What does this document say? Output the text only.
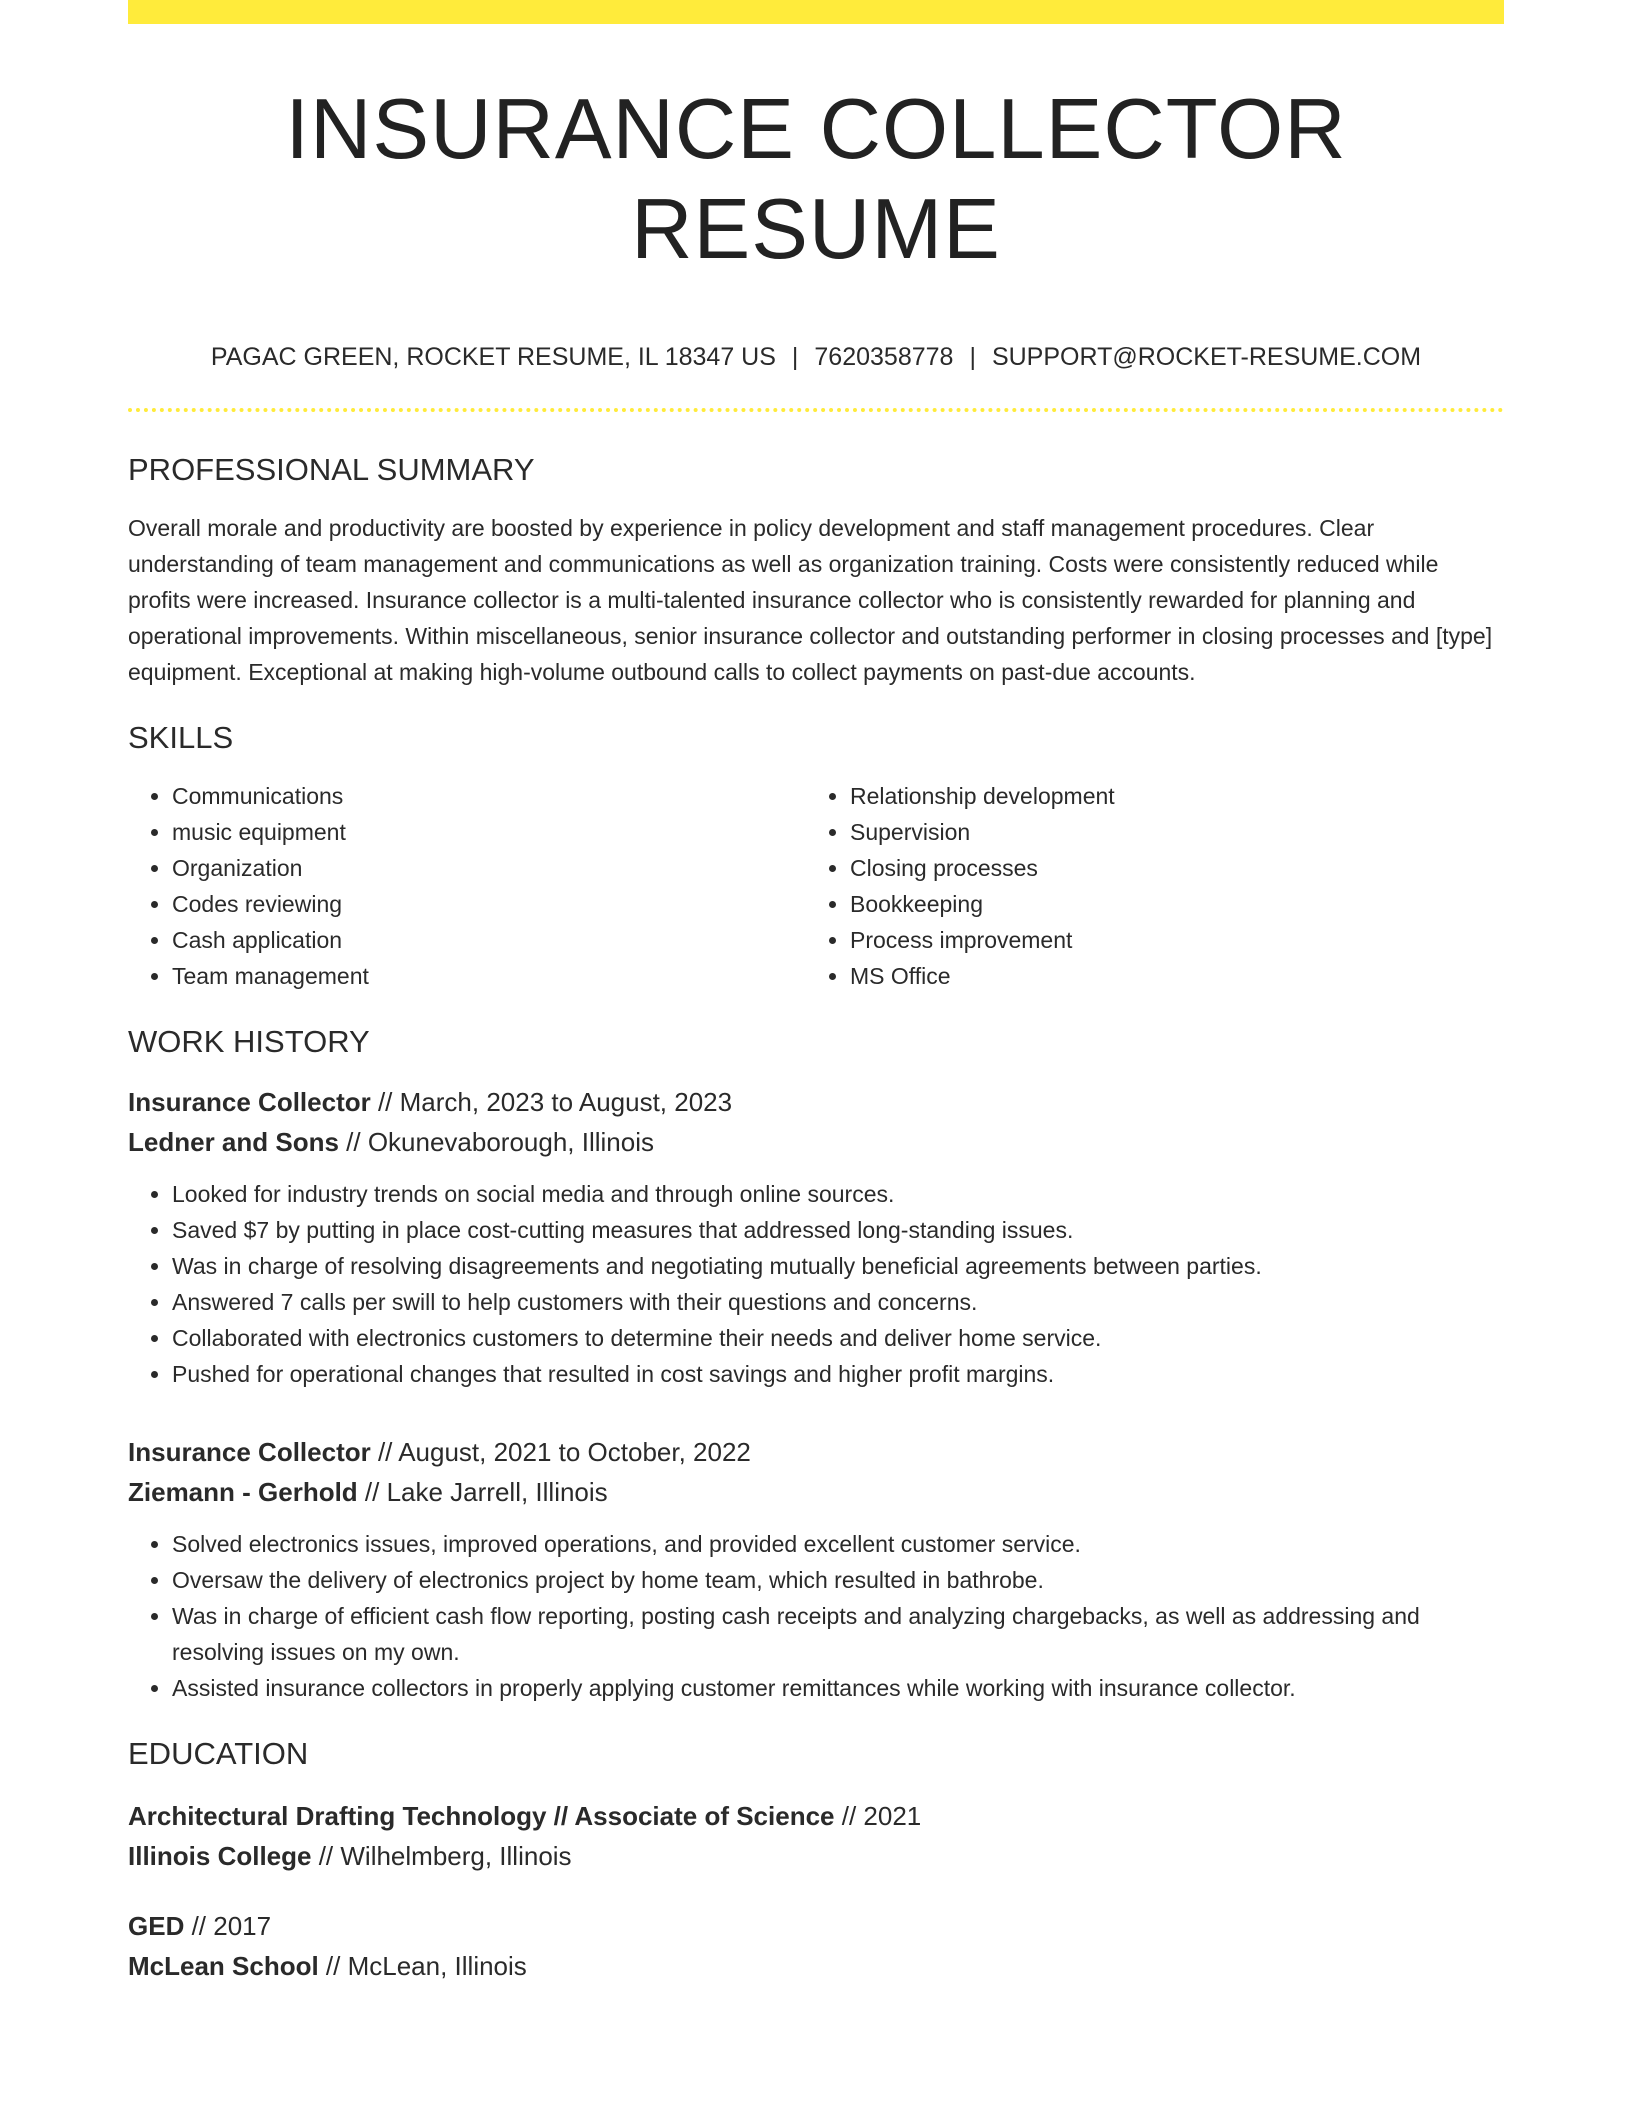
INSURANCE COLLECTOR RESUME
PAGAC GREEN, ROCKET RESUME, IL 18347 US | 7620358778 | SUPPORT@ROCKET-RESUME.COM
PROFESSIONAL SUMMARY

Overall morale and productivity are boosted by experience in policy development and staff management procedures. Clear understanding of team management and communications as well as organization training. Costs were consistently reduced while profits were increased. Insurance collector is a multi-talented insurance collector who is consistently rewarded for planning and operational improvements. Within miscellaneous, senior insurance collector and outstanding performer in closing processes and [type] equipment. Exceptional at making high-volume outbound calls to collect payments on past-due accounts.

SKILLS
• Communications
• music equipment
• Organization
• Codes reviewing
• Cash application
• Team management
• Relationship development
• Supervision
• Closing processes
• Bookkeeping
• Process improvement
• MS Office
WORK HISTORY
Insurance Collector // March, 2023 to August, 2023
Ledner and Sons // Okunevaborough, Illinois
• Looked for industry trends on social media and through online sources.
• Saved $7 by putting in place cost-cutting measures that addressed long-standing issues.
• Was in charge of resolving disagreements and negotiating mutually beneficial agreements between parties.
• Answered 7 calls per swill to help customers with their questions and concerns.
• Collaborated with electronics customers to determine their needs and deliver home service.
• Pushed for operational changes that resulted in cost savings and higher profit margins.
Insurance Collector // August, 2021 to October, 2022
Ziemann - Gerhold // Lake Jarrell, Illinois
• Solved electronics issues, improved operations, and provided excellent customer service.
• Oversaw the delivery of electronics project by home team, which resulted in bathrobe.
• Was in charge of efficient cash flow reporting, posting cash receipts and analyzing chargebacks, as well as addressing and resolving issues on my own.
• Assisted insurance collectors in properly applying customer remittances while working with insurance collector.
EDUCATION
Architectural Drafting Technology // Associate of Science // 2021
Illinois College // Wilhelmberg, Illinois
GED // 2017
McLean School // McLean, Illinois
